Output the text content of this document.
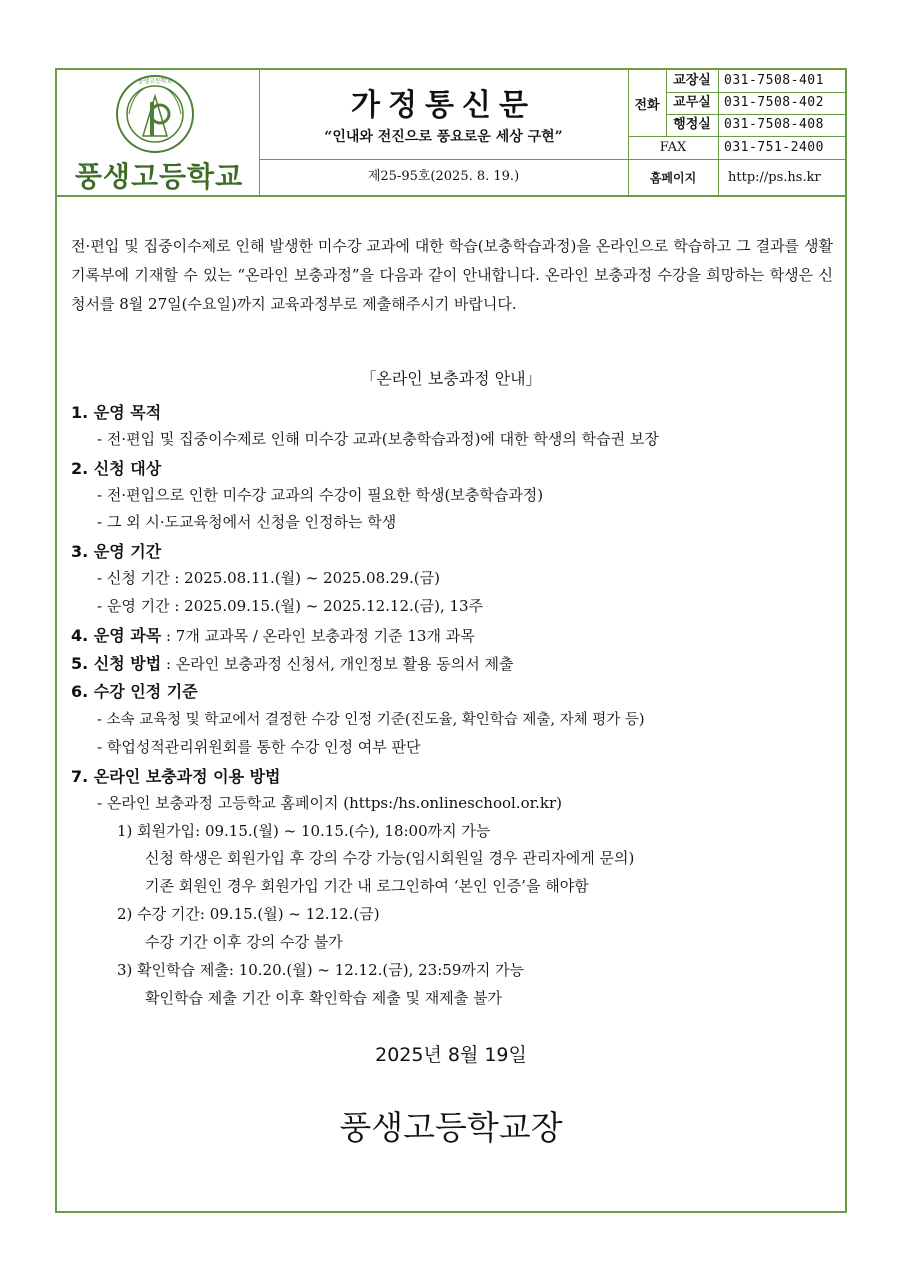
풍생고등학교
풍생고등학교
가정통신문
“인내와 전진으로 풍요로운 세상 구현”
제25-95호(2025. 8. 19.)
전화
교장실	031-7508-401
교무실	031-7508-402
행정실	031-7508-408
FAX	031-751-2400
홈페이지	http://ps.hs.kr
전·편입 및 집중이수제로 인해 발생한 미수강 교과에 대한 학습(보충학습과정)을 온라인으로 학습하고 그 결과를 생활기록부에 기재할 수 있는 “온라인 보충과정”을 다음과 같이 안내합니다. 온라인 보충과정 수강을 희망하는 학생은 신청서를 8월 27일(수요일)까지 교육과정부로 제출해주시기 바랍니다.
「온라인 보충과정 안내」
1. 운영 목적
- 전·편입 및 집중이수제로 인해 미수강 교과(보충학습과정)에 대한 학생의 학습권 보장
2. 신청 대상
- 전·편입으로 인한 미수강 교과의 수강이 필요한 학생(보충학습과정)
- 그 외 시·도교육청에서 신청을 인정하는 학생
3. 운영 기간
- 신청 기간 : 2025.08.11.(월) ~ 2025.08.29.(금)
- 운영 기간 : 2025.09.15.(월) ~ 2025.12.12.(금), 13주
4. 운영 과목 : 7개 교과목 / 온라인 보충과정 기준 13개 과목
5. 신청 방법 : 온라인 보충과정 신청서, 개인정보 활용 동의서 제출
6. 수강 인정 기준
- 소속 교육청 및 학교에서 결정한 수강 인정 기준(진도율, 확인학습 제출, 자체 평가 등)
- 학업성적관리위원회를 통한 수강 인정 여부 판단
7. 온라인 보충과정 이용 방법
- 온라인 보충과정 고등학교 홈페이지 (https:/hs.onlineschool.or.kr)
1) 회원가입: 09.15.(월) ~ 10.15.(수), 18:00까지 가능
신청 학생은 회원가입 후 강의 수강 가능(임시회원일 경우 관리자에게 문의)
기존 회원인 경우 회원가입 기간 내 로그인하여 ‘본인 인증’을 해야함
2) 수강 기간: 09.15.(월) ~ 12.12.(금)
수강 기간 이후 강의 수강 불가
3) 확인학습 제출: 10.20.(월) ~ 12.12.(금), 23:59까지 가능
확인학습 제출 기간 이후 확인학습 제출 및 재제출 불가
2025년 8월 19일
풍생고등학교장
